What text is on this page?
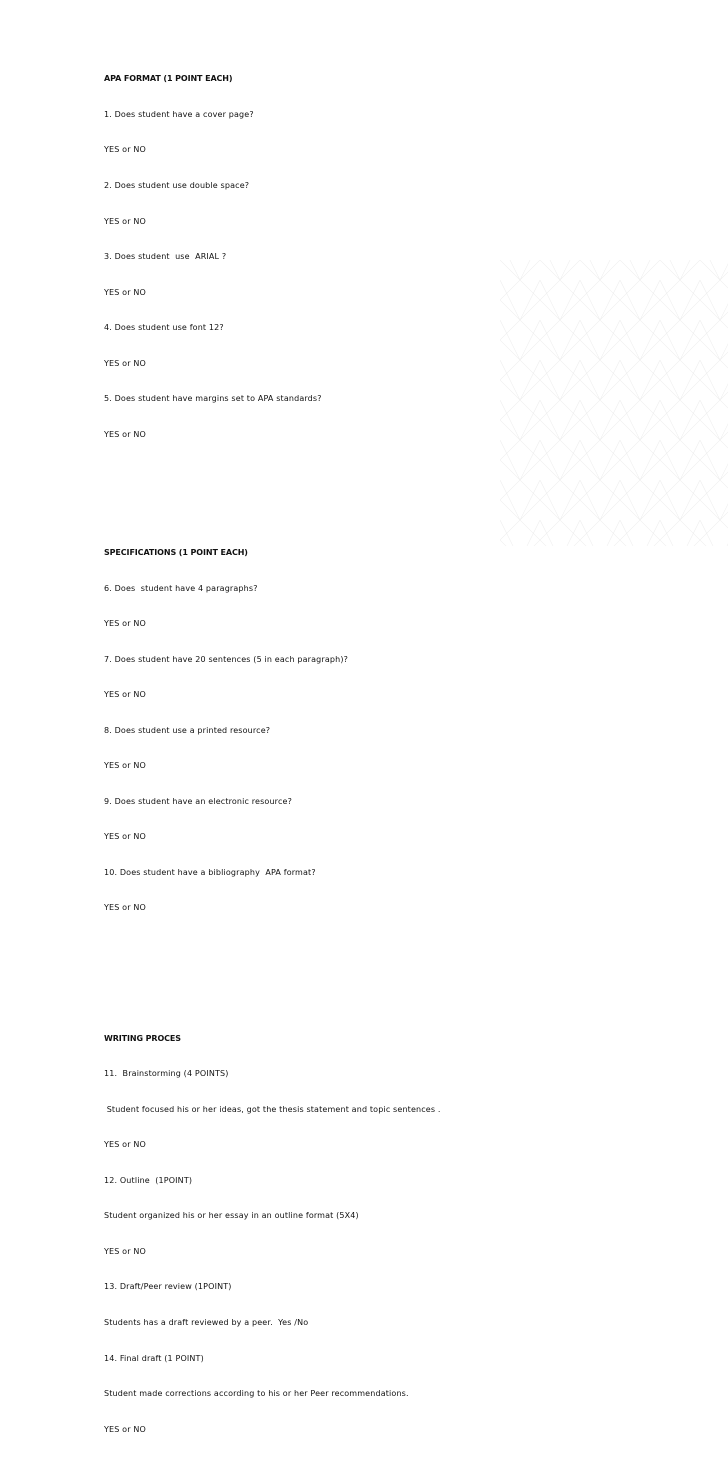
APA FORMAT (1 POINT EACH)

1. Does student have a cover page?

YES or NO

2. Does student use double space?

YES or NO

3. Does student  use  ARIAL ?

YES or NO

4. Does student use font 12?

YES or NO

5. Does student have margins set to APA standards?

YES or NO

SPECIFICATIONS (1 POINT EACH)

6. Does  student have 4 paragraphs?

YES or NO

7. Does student have 20 sentences (5 in each paragraph)?

YES or NO

8. Does student use a printed resource?

YES or NO

9. Does student have an electronic resource?

YES or NO

10. Does student have a bibliography  APA format?

YES or NO

WRITING PROCES

11.  Brainstorming (4 POINTS)

Student focused his or her ideas, got the thesis statement and topic sentences .

YES or NO

12. Outline  (1POINT)

Student organized his or her essay in an outline format (5X4)

YES or NO

13. Draft/Peer review (1POINT)

Students has a draft reviewed by a peer.  Yes /No

14. Final draft (1 POINT)

Student made corrections according to his or her Peer recommendations.

YES or NO
